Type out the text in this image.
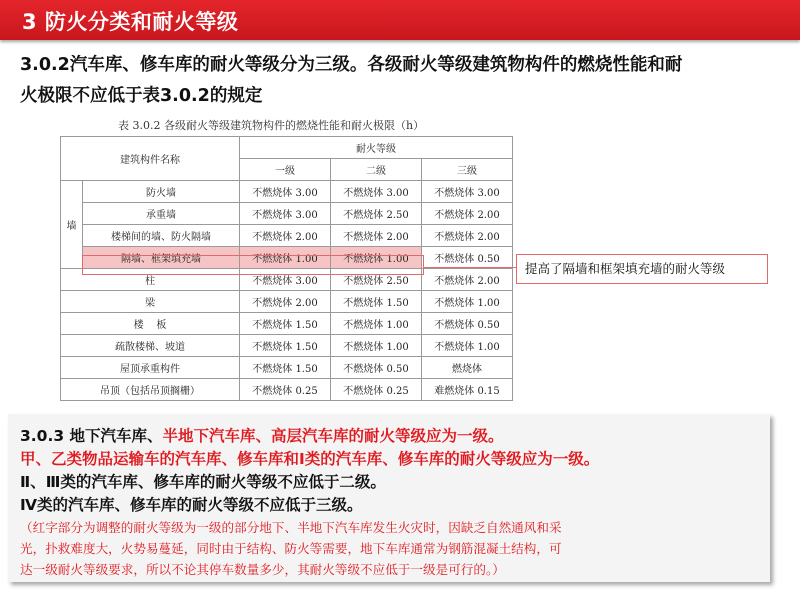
3 防火分类和耐火等级
3.0.2汽车库、修车库的耐火等级分为三级。各级耐火等级建筑物构件的燃烧性能和耐
火极限不应低于表3.0.2的规定
表 3.0.2 各级耐火等级建筑物构件的燃烧性能和耐火极限（h）
建筑构件名称		耐火等级		
		一级	二级	三级
墙	防火墙	不燃烧体 3.00	不燃烧体 3.00	不燃烧体 3.00
	承重墙	不燃烧体 3.00	不燃烧体 2.50	不燃烧体 2.00
	楼梯间的墙、防火隔墙	不燃烧体 2.00	不燃烧体 2.00	不燃烧体 2.00
	隔墙、框架填充墙	不燃烧体 1.00	不燃烧体 1.00	不燃烧体 0.50
柱		不燃烧体 3.00	不燃烧体 2.50	不燃烧体 2.00
梁		不燃烧体 2.00	不燃烧体 1.50	不燃烧体 1.00
楼    板		不燃烧体 1.50	不燃烧体 1.00	不燃烧体 0.50
疏散楼梯、坡道		不燃烧体 1.50	不燃烧体 1.00	不燃烧体 1.00
屋顶承重构件		不燃烧体 1.50	不燃烧体 0.50	燃烧体
吊顶（包括吊顶搁栅）		不燃烧体 0.25	不燃烧体 0.25	难燃烧体 0.15
提高了隔墙和框架填充墙的耐火等级
3.0.3 地下汽车库、半地下汽车库、高层汽车库的耐火等级应为一级。
甲、乙类物品运输车的汽车库、修车库和Ⅰ类的汽车库、修车库的耐火等级应为一级。
Ⅱ、Ⅲ类的汽车库、修车库的耐火等级不应低于二级。
Ⅳ类的汽车库、修车库的耐火等级不应低于三级。
（红字部分为调整的耐火等级为一级的部分地下、半地下汽车库发生火灾时，因缺乏自然通风和采
光，扑救难度大，火势易蔓延，同时由于结构、防火等需要，地下车库通常为钢筋混凝土结构，可
达一级耐火等级要求，所以不论其停车数量多少，其耐火等级不应低于一级是可行的。）
